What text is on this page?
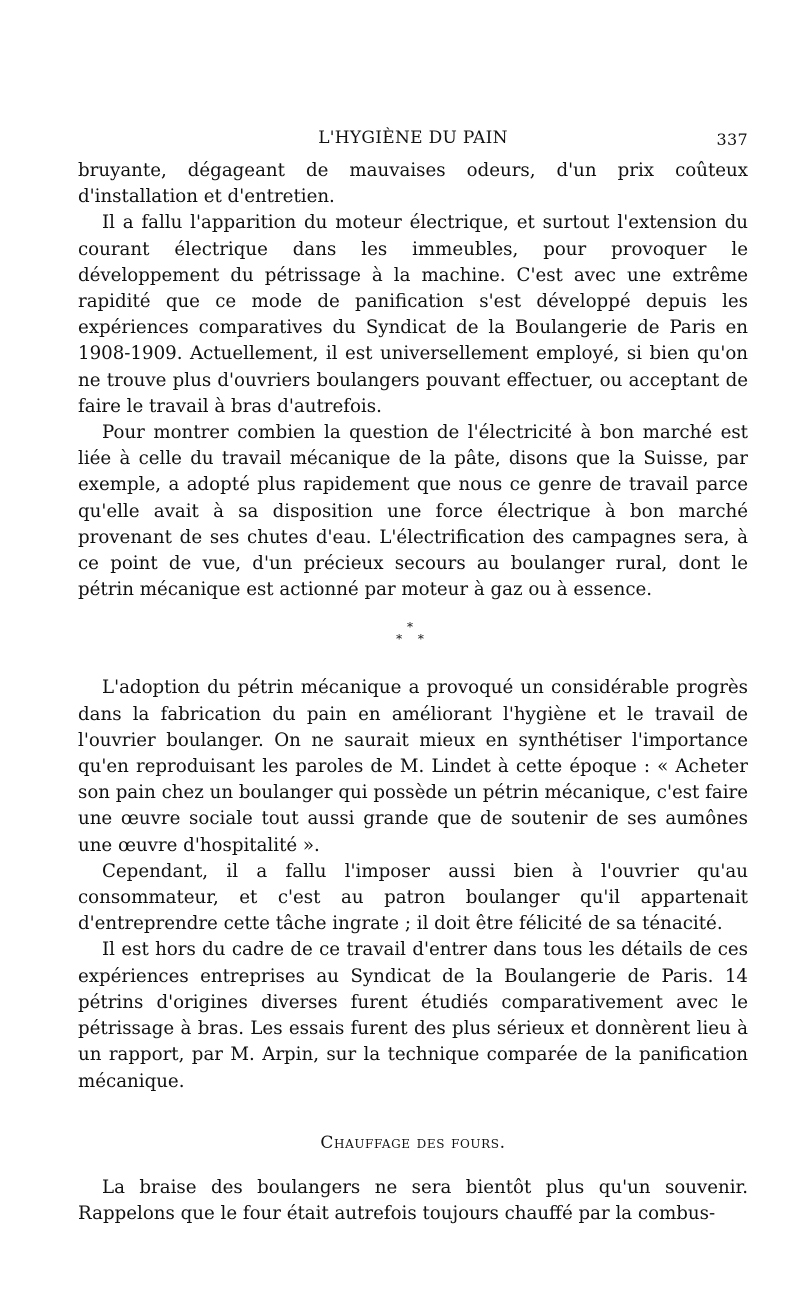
L'HYGIÈNE DU PAIN	337

bruyante, dégageant de mauvaises odeurs, d'un prix coûteux d'installation et d'entretien.

Il a fallu l'apparition du moteur électrique, et surtout l'extension du courant électrique dans les immeubles, pour provoquer le développement du pétrissage à la machine. C'est avec une extrême rapidité que ce mode de panification s'est développé depuis les expériences comparatives du Syndicat de la Boulangerie de Paris en 1908-1909. Actuellement, il est universellement employé, si bien qu'on ne trouve plus d'ouvriers boulangers pouvant effectuer, ou acceptant de faire le travail à bras d'autrefois.

Pour montrer combien la question de l'électricité à bon marché est liée à celle du travail mécanique de la pâte, disons que la Suisse, par exemple, a adopté plus rapidement que nous ce genre de travail parce qu'elle avait à sa disposition une force électrique à bon marché provenant de ses chutes d'eau. L'électrification des campagnes sera, à ce point de vue, d'un précieux secours au boulanger rural, dont le pétrin mécanique est actionné par moteur à gaz ou à essence.

*
* *

L'adoption du pétrin mécanique a provoqué un considérable progrès dans la fabrication du pain en améliorant l'hygiène et le travail de l'ouvrier boulanger. On ne saurait mieux en synthétiser l'importance qu'en reproduisant les paroles de M. Lindet à cette époque : « Acheter son pain chez un boulanger qui possède un pétrin mécanique, c'est faire une œuvre sociale tout aussi grande que de soutenir de ses aumônes une œuvre d'hospitalité ».

Cependant, il a fallu l'imposer aussi bien à l'ouvrier qu'au consommateur, et c'est au patron boulanger qu'il appartenait d'entreprendre cette tâche ingrate ; il doit être félicité de sa ténacité.

Il est hors du cadre de ce travail d'entrer dans tous les détails de ces expériences entreprises au Syndicat de la Boulangerie de Paris. 14 pétrins d'origines diverses furent étudiés comparativement avec le pétrissage à bras. Les essais furent des plus sérieux et donnèrent lieu à un rapport, par M. Arpin, sur la technique comparée de la panification mécanique.

Chauffage des fours.

La braise des boulangers ne sera bientôt plus qu'un souvenir. Rappelons que le four était autrefois toujours chauffé par la combus-
